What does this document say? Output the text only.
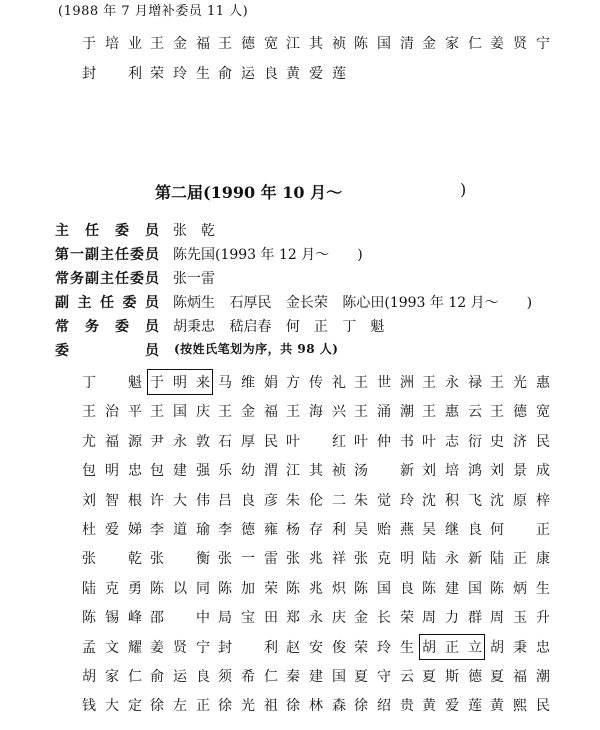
(1988 年 7 月增补委员 11 人)
于培业 王金福 王德宽 江其祯 陈国清 金家仁 姜贤宁
封　利 荣玲生 俞运良 黄爱莲
第二届(1990 年 10 月～	)
主任委员 张　乾
第一副主任委员 陈先国(1993 年 12 月～　　)
常务副主任委员 张一雷
副主任委员 陈炳生 石厚民 金长荣 陈心田(1993 年 12 月～　　)
常务委员 胡秉忠 嵇启春 何　正 丁　魁
委	员 (按姓氏笔划为序，共 98 人)
丁　魁 于明来 马维娟 方传礼 王世洲 王永禄 王光惠
王治平 王国庆 王金福 王海兴 王涌潮 王惠云 王德宽
尤福源 尹永敦 石厚民 叶　红 叶仲书 叶志衍 史济民
包明忠 包建强 乐幼渭 江其祯 汤　新 刘培鸿 刘景成
刘智根 许大伟 吕良彦 朱伦二 朱觉玲 沈积飞 沈原梓
杜爱娣 李道瑜 李德雍 杨存利 吴贻燕 吴继良 何　正
张　乾 张　衡 张一雷 张兆祥 张克明 陆永新 陆正康
陆克勇 陈以同 陈加荣 陈兆炽 陈国良 陈建国 陈炳生
陈锡峰 邵　中 局宝田 郑永庆 金长荣 周力群 周玉升
孟文耀 姜贤宁 封　利 赵安俊 荣玲生 胡正立 胡秉忠
胡家仁 俞运良 须希仁 秦建国 夏守云 夏斯德 夏福潮
钱大定 徐左正 徐光祖 徐林森 徐绍贵 黄爱莲 黄熙民
